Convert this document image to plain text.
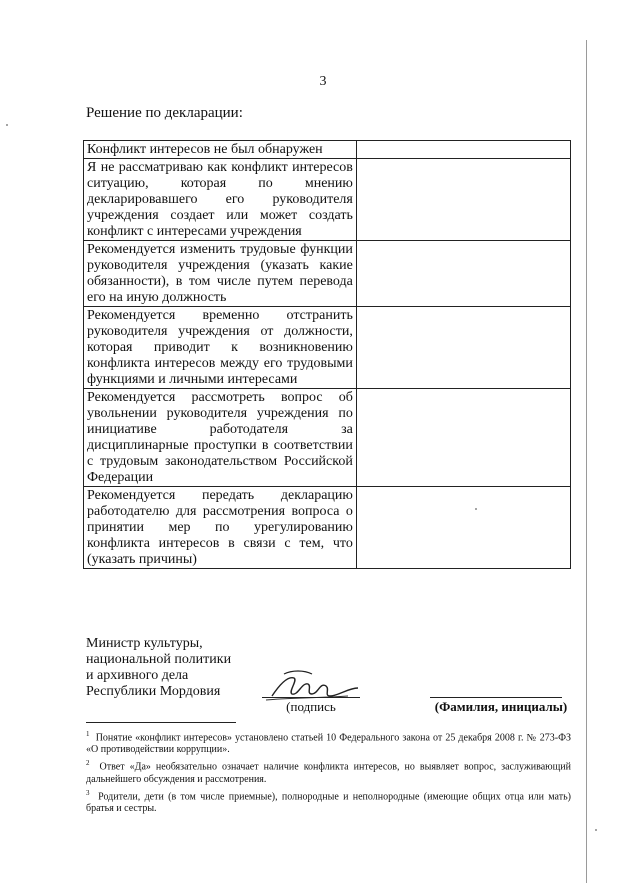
3
Решение по декларации:
Конфликт интересов не был обнаружен	
Я не рассматриваю как конфликт интересов ситуацию, которая по мнению декларировавшего его руководителя учреждения создает или может создать конфликт с интересами учреждения	
Рекомендуется изменить трудовые функции руководителя учреждения (указать какие обязанности), в том числе путем перевода его на иную должность	
Рекомендуется временно отстранить руководителя учреждения от должности, которая приводит к возникновению конфликта интересов между его трудовыми функциями и личными интересами	
Рекомендуется рассмотреть вопрос об увольнении руководителя учреждения по инициативе работодателя за дисциплинарные проступки в соответствии с трудовым законодательством Российской Федерации	
Рекомендуется передать декларацию работодателю для рассмотрения вопроса о принятии мер по урегулированию конфликта интересов в связи с тем, что (указать причины)	
Министр культуры,
национальной политики
и архивного дела
Республики Мордовия
(подпись	(Фамилия, инициалы)

$^1$ Понятие «конфликт интересов» установлено статьей 10 Федерального закона от 25 декабря 2008 г. № 273-ФЗ «О противодействии коррупции».

$^2$ Ответ «Да» необязательно означает наличие конфликта интересов, но выявляет вопрос, заслуживающий дальнейшего обсуждения и рассмотрения.

$^3$ Родители, дети (в том числе приемные), полнородные и неполнородные (имеющие общих отца или мать) братья и сестры.
